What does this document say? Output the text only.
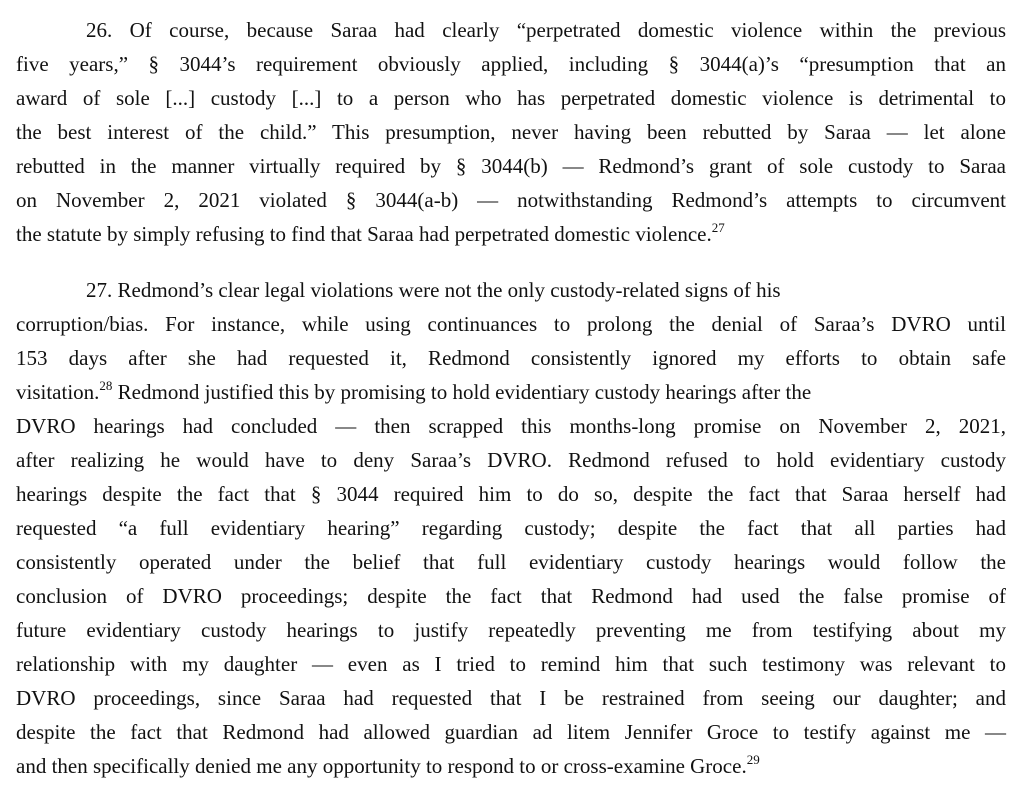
26. Of course, because Saraa had clearly “perpetrated domestic violence within the previous
five years,” § 3044’s requirement obviously applied, including § 3044(a)’s “presumption that an
award of sole [...] custody [...] to a person who has perpetrated domestic violence is detrimental to
the best interest of the child.” This presumption, never having been rebutted by Saraa — let alone
rebutted in the manner virtually required by § 3044(b) — Redmond’s grant of sole custody to Saraa
on November 2, 2021 violated § 3044(a-b) — notwithstanding Redmond’s attempts to circumvent
the statute by simply refusing to find that Saraa had perpetrated domestic violence.$^{27}$

27. Redmond’s clear legal violations were not the only custody-related signs of his
corruption/bias. For instance, while using continuances to prolong the denial of Saraa’s DVRO until
153 days after she had requested it, Redmond consistently ignored my efforts to obtain safe
visitation.$^{28}$ Redmond justified this by promising to hold evidentiary custody hearings after the
DVRO hearings had concluded — then scrapped this months-long promise on November 2, 2021,
after realizing he would have to deny Saraa’s DVRO. Redmond refused to hold evidentiary custody
hearings despite the fact that § 3044 required him to do so, despite the fact that Saraa herself had
requested “a full evidentiary hearing” regarding custody; despite the fact that all parties had
consistently operated under the belief that full evidentiary custody hearings would follow the
conclusion of DVRO proceedings; despite the fact that Redmond had used the false promise of
future evidentiary custody hearings to justify repeatedly preventing me from testifying about my
relationship with my daughter — even as I tried to remind him that such testimony was relevant to
DVRO proceedings, since Saraa had requested that I be restrained from seeing our daughter; and
despite the fact that Redmond had allowed guardian ad litem Jennifer Groce to testify against me —
and then specifically denied me any opportunity to respond to or cross-examine Groce.$^{29}$
